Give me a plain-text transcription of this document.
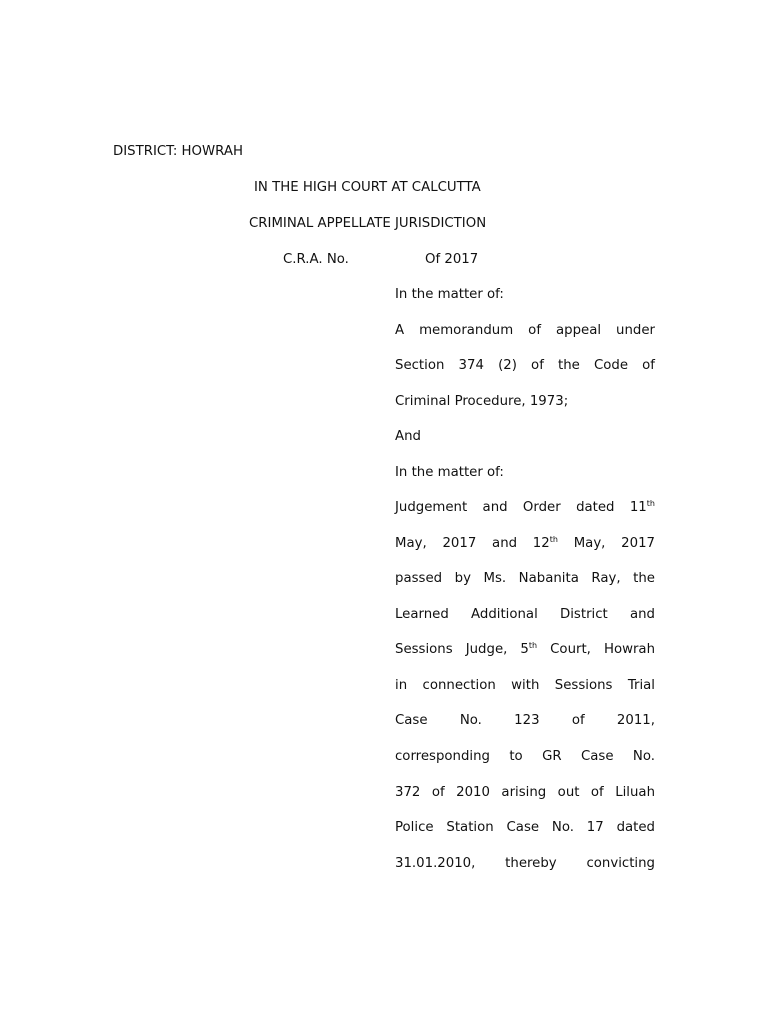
DISTRICT: HOWRAH
IN THE HIGH COURT AT CALCUTTA
CRIMINAL APPELLATE JURISDICTION
C.R.A. No.	Of 2017
In the matter of:
A memorandum of appeal under
Section 374 (2) of the Code of
Criminal Procedure, 1973;
And
In the matter of:
Judgement and Order dated 11th
May, 2017 and 12th May, 2017
passed by Ms. Nabanita Ray, the
Learned Additional District and
Sessions Judge, 5th Court, Howrah
in connection with Sessions Trial
Case No. 123 of 2011,
corresponding to GR Case No.
372 of 2010 arising out of Liluah
Police Station Case No. 17 dated
31.01.2010, thereby convicting
